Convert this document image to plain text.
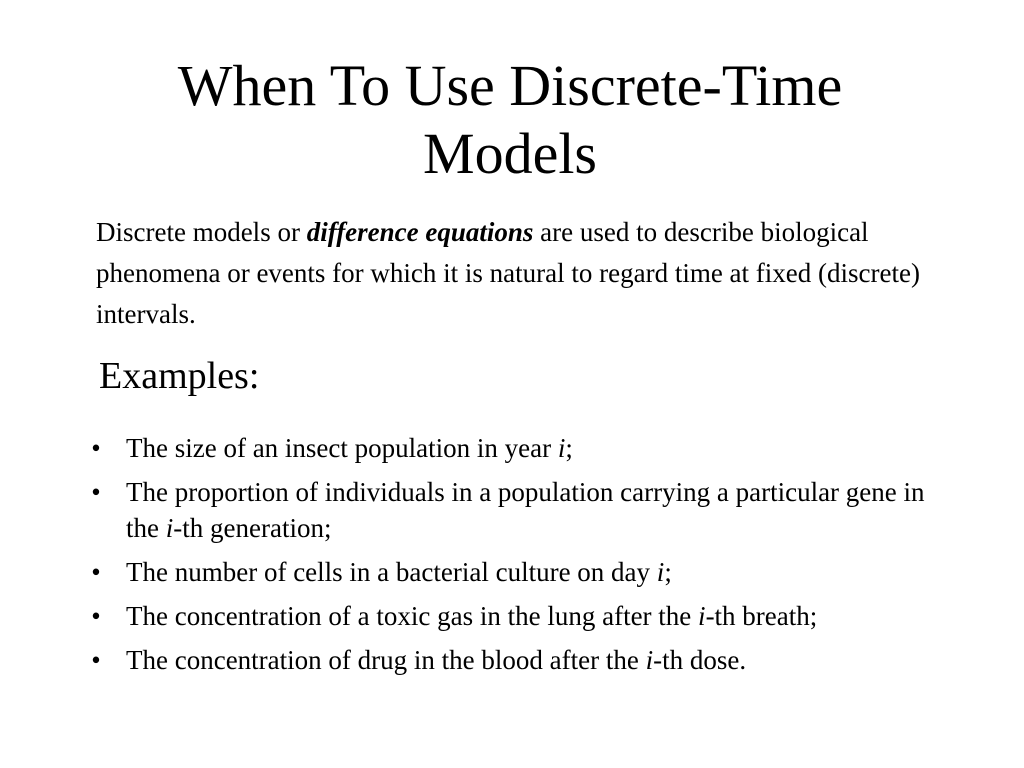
When To Use Discrete-Time
Models

Discrete models or difference equations are used to describe biological phenomena or events for which it is natural to regard time at fixed (discrete) intervals.

Examples:
• The size of an insect population in year i;
• The proportion of individuals in a population carrying a particular gene in the i-th generation;
• The number of cells in a bacterial culture on day i;
• The concentration of a toxic gas in the lung after the i-th breath;
• The concentration of drug in the blood after the i-th dose.
